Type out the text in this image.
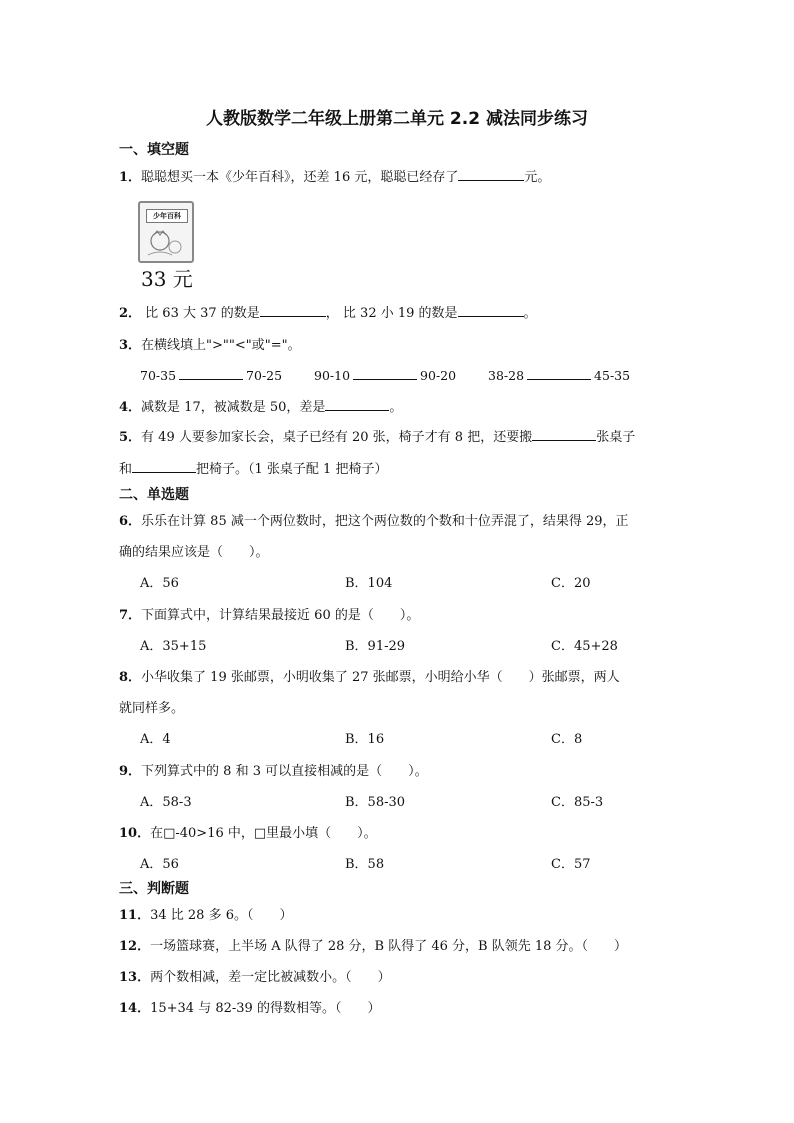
人教版数学二年级上册第二单元 2.2 减法同步练习
一、填空题
1．聪聪想买一本《少年百科》，还差 16 元，聪聪已经存了	元。
少年百科
33 元
2． 比 63 大 37 的数是	， 比 32 小 19 的数是	。
3．在横线填上">""<"或"="。
70-35	70-25	90-10	90-20	38-28	45-35
4．减数是 17，被减数是 50，差是	。
5．有 49 人要参加家长会，桌子已经有 20 张，椅子才有 8 把，还要搬	张桌子
和	把椅子。（1 张桌子配 1 把椅子）
二、单选题
6．乐乐在计算 85 减一个两位数时，把这个两位数的个数和十位弄混了，结果得 29，正
确的结果应该是（　　）。
A．56	B．104	C．20
7．下面算式中，计算结果最接近 60 的是（　　）。
A．35+15	B．91-29	C．45+28
8．小华收集了 19 张邮票，小明收集了 27 张邮票，小明给小华（　　）张邮票，两人
就同样多。
A．4	B．16	C．8
9．下列算式中的 8 和 3 可以直接相减的是（　　）。
A．58-3	B．58-30	C．85-3
10．在□-40>16 中，□里最小填（　　）。
A．56	B．58	C．57
三、判断题
11．34 比 28 多 6。（　　）
12．一场篮球赛，上半场 A 队得了 28 分，B 队得了 46 分，B 队领先 18 分。（　　）
13．两个数相减，差一定比被减数小。（　　）
14．15+34 与 82-39 的得数相等。（　　）
